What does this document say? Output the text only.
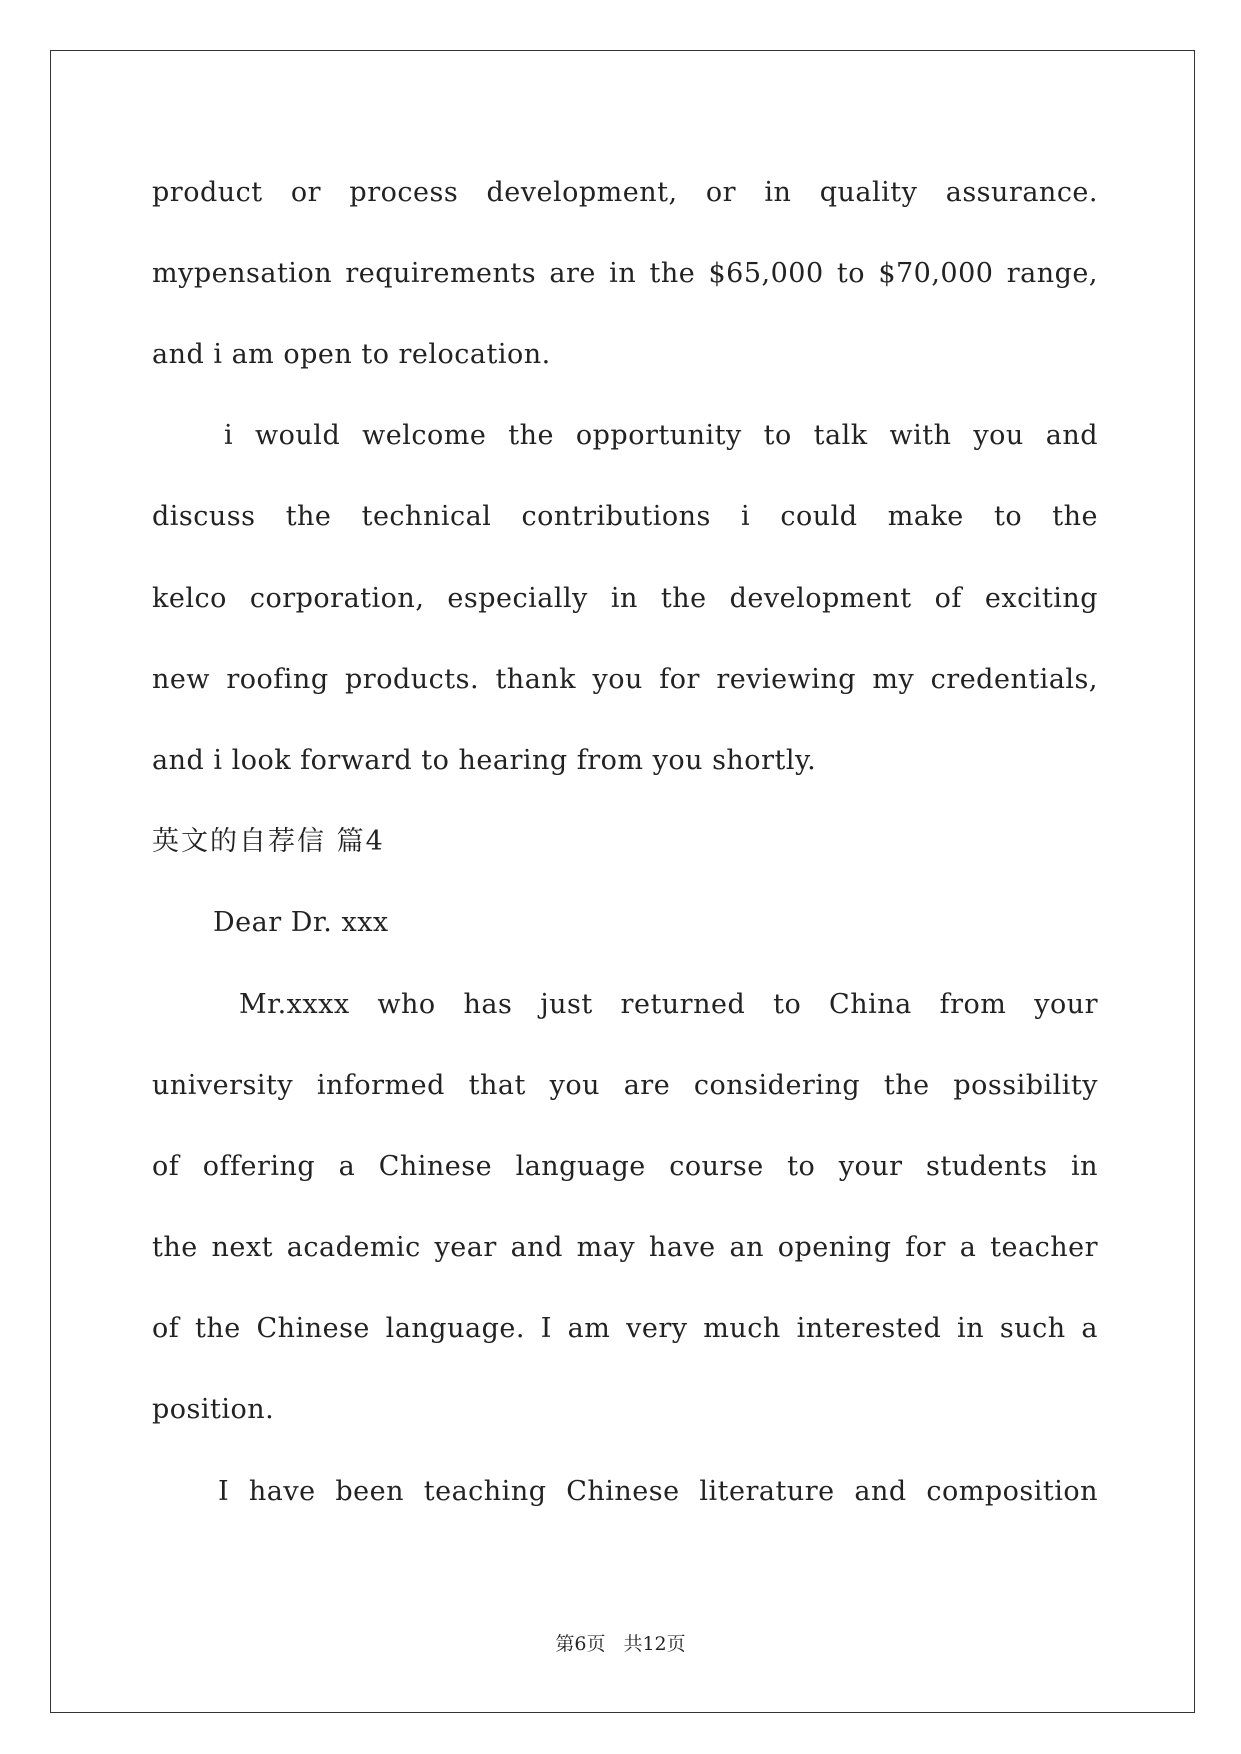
product or process development, or in quality assurance.
mypensation requirements are in the $65,000 to $70,000 range,
and i am open to relocation.
i would welcome the opportunity to talk with you and
discuss the technical contributions i could make to the
kelco corporation, especially in the development of exciting
new roofing products. thank you for reviewing my credentials,
and i look forward to hearing from you shortly.
英文的自荐信 篇4
Dear Dr. xxx
Mr.xxxx who has just returned to China from your
university informed that you are considering the possibility
of offering a Chinese language course to your students in
the next academic year and may have an opening for a teacher
of the Chinese language. I am very much interested in such a
position.
I have been teaching Chinese literature and composition
第6页 共12页
